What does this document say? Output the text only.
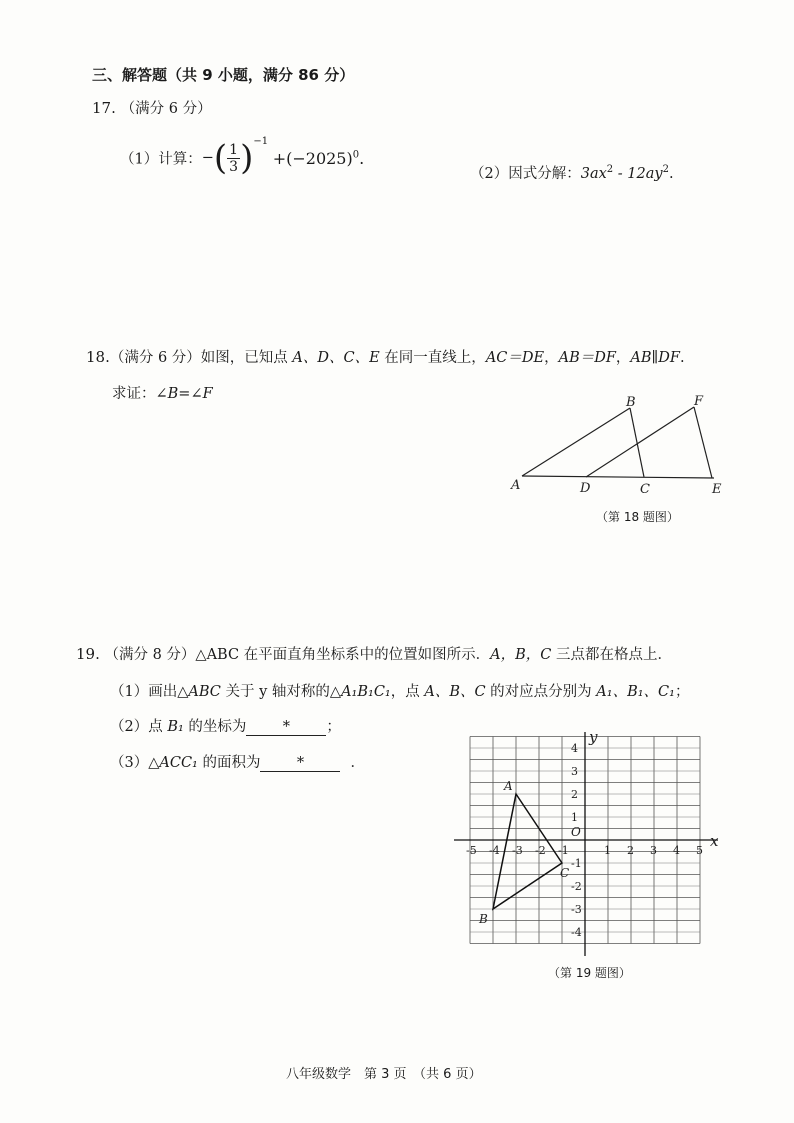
三、解答题（共 9 小题，满分 86 分）
17. （满分 6 分）
（1）计算：−( $\frac{1}{3} )^{-1} +(-2025)^0$.
（2）因式分解：$3ax^2 - 12ay^2$.
18.（满分 6 分）如图，已知点 A、D、C、E 在同一直线上，AC＝DE，AB＝DF，AB∥DF.
求证：∠B=∠F
A
B
C
D	E
F
（第 18 题图）
19. （满分 8 分）△ABC 在平面直角坐标系中的位置如图所示．A，B，C 三点都在格点上．
（1）画出△ABC 关于 y 轴对称的△A₁B₁C₁，点 A、B、C 的对应点分别为 A₁、B₁、C₁；
（2）点 B₁ 的坐标为	*	；
（3）△ACC₁ 的面积为	*	．
-5 -4 -3 -2 -1	1 2 3 4 5
4
3
2
1
-1
-2
-3
-4
A
B
C
O	x
y
（第 19 题图）
八年级数学　第 3 页　（共 6 页）
